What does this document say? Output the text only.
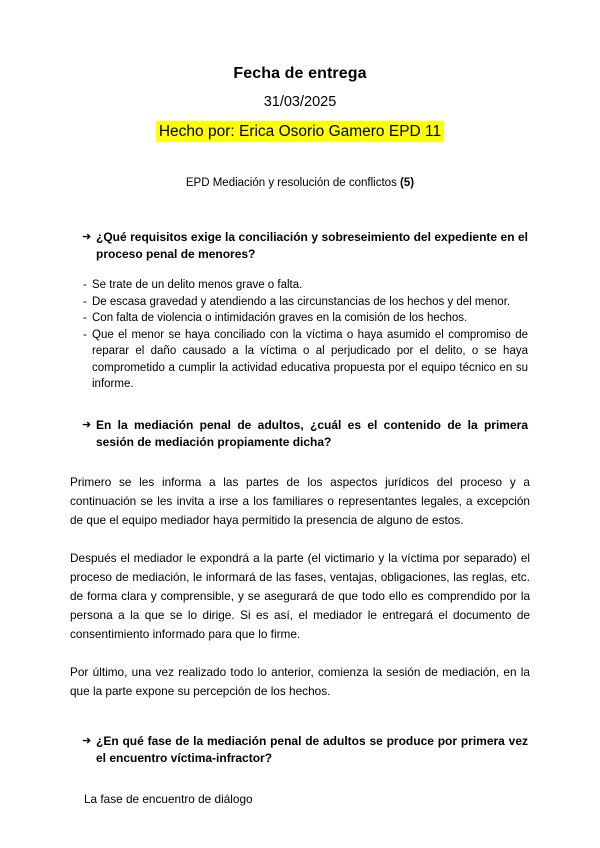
Fecha de entrega

31/03/2025

Hecho por: Erica Osorio Gamero EPD 11

EPD Mediación y resolución de conflictos (5)

➜ ¿Qué requisitos exige la conciliación y sobreseimiento del expediente en el proceso penal de menores?

- Se trate de un delito menos grave o falta.
- De escasa gravedad y atendiendo a las circunstancias de los hechos y del menor.
- Con falta de violencia o intimidación graves en la comisión de los hechos.
- Que el menor se haya conciliado con la víctima o haya asumido el compromiso de reparar el daño causado a la víctima o al perjudicado por el delito, o se haya comprometido a cumplir la actividad educativa propuesta por el equipo técnico en su informe.

➜ En la mediación penal de adultos, ¿cuál es el contenido de la primera sesión de mediación propiamente dicha?

Primero se les informa a las partes de los aspectos jurídicos del proceso y a continuación se les invita a irse a los familiares o representantes legales, a excepción de que el equipo mediador haya permitido la presencia de alguno de estos.

Después el mediador le expondrá a la parte (el victimario y la víctima por separado) el proceso de mediación, le informará de las fases, ventajas, obligaciones, las reglas, etc. de forma clara y comprensible, y se asegurará de que todo ello es comprendido por la persona a la que se lo dirige. Si es así, el mediador le entregará el documento de consentimiento informado para que lo firme.

Por último, una vez realizado todo lo anterior, comienza la sesión de mediación, en la que la parte expone su percepción de los hechos.

➜ ¿En qué fase de la mediación penal de adultos se produce por primera vez el encuentro víctima-infractor?

La fase de encuentro de diálogo
